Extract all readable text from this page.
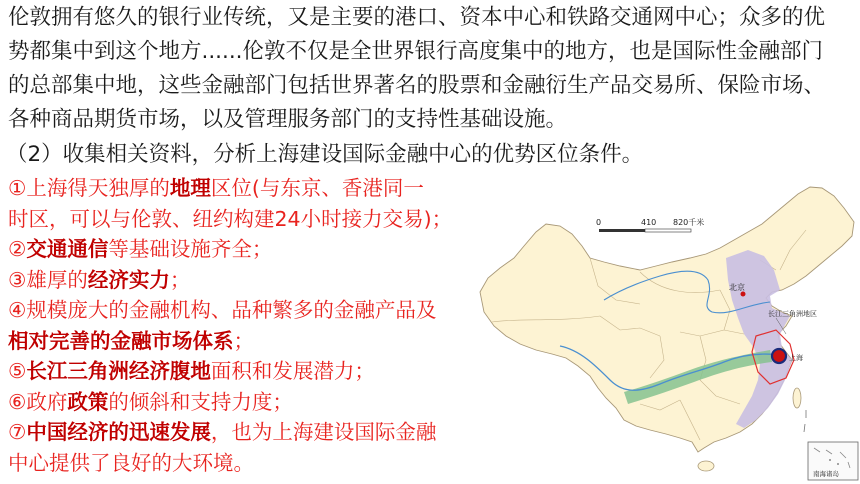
伦敦拥有悠久的银行业传统，又是主要的港口、资本中心和铁路交通网中心；众多的优
势都集中到这个地方......伦敦不仅是全世界银行高度集中的地方，也是国际性金融部门
的总部集中地，这些金融部门包括世界著名的股票和金融衍生产品交易所、保险市场、
各种商品期货市场，以及管理服务部门的支持性基础设施。
（2）收集相关资料，分析上海建设国际金融中心的优势区位条件。
①上海得天独厚的地理区位(与东京、香港同一
时区，可以与伦敦、纽约构建24小时接力交易)；
②交通通信等基础设施齐全；
③雄厚的经济实力；
④规模庞大的金融机构、品种繁多的金融产品及
相对完善的金融市场体系；
⑤长江三角洲经济腹地面积和发展潜力；
⑥政府政策的倾斜和支持力度；
⑦中国经济的迅速发展，也为上海建设国际金融
中心提供了良好的大环境。
0	410 820千米
北京
长江三角洲地区
上海
南海诸岛
